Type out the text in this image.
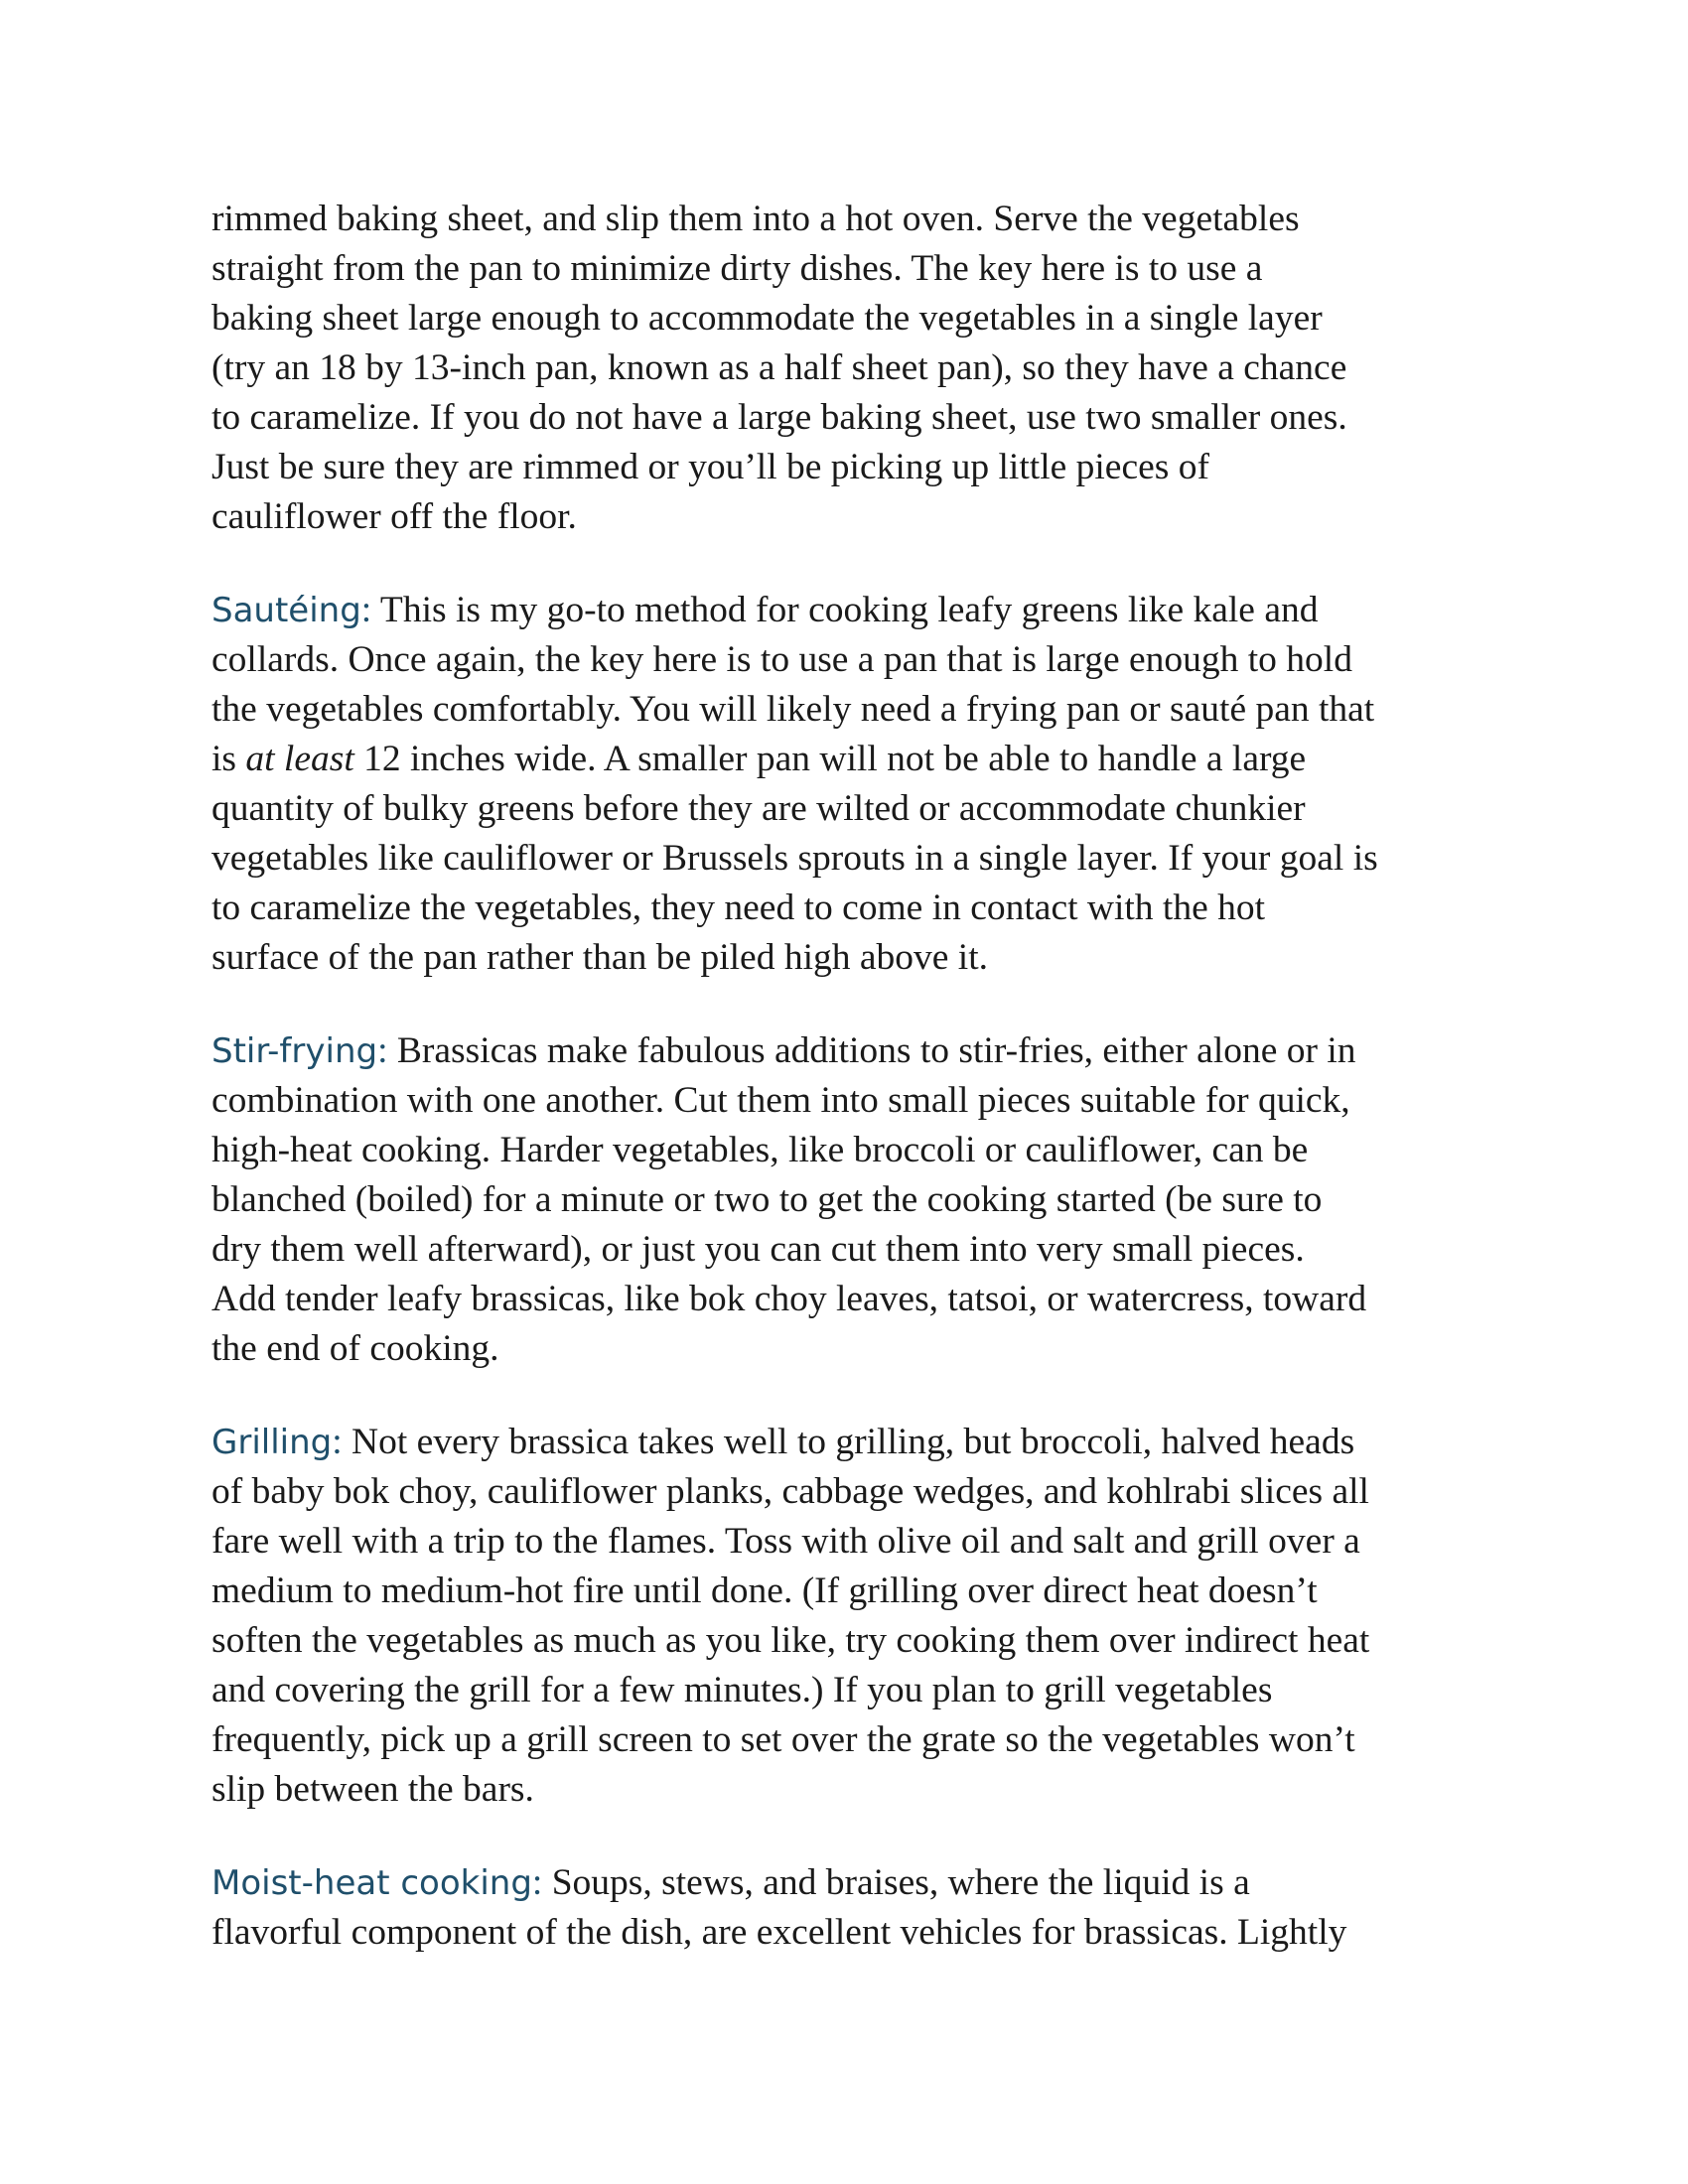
rimmed baking sheet, and slip them into a hot oven. Serve the vegetables
straight from the pan to minimize dirty dishes. The key here is to use a
baking sheet large enough to accommodate the vegetables in a single layer
(try an 18 by 13-inch pan, known as a half sheet pan), so they have a chance
to caramelize. If you do not have a large baking sheet, use two smaller ones.
Just be sure they are rimmed or you’ll be picking up little pieces of
cauliflower off the floor.
Sautéing: This is my go-to method for cooking leafy greens like kale and
collards. Once again, the key here is to use a pan that is large enough to hold
the vegetables comfortably. You will likely need a frying pan or sauté pan that
is at least 12 inches wide. A smaller pan will not be able to handle a large
quantity of bulky greens before they are wilted or accommodate chunkier
vegetables like cauliflower or Brussels sprouts in a single layer. If your goal is
to caramelize the vegetables, they need to come in contact with the hot
surface of the pan rather than be piled high above it.
Stir-frying: Brassicas make fabulous additions to stir-fries, either alone or in
combination with one another. Cut them into small pieces suitable for quick,
high-heat cooking. Harder vegetables, like broccoli or cauliflower, can be
blanched (boiled) for a minute or two to get the cooking started (be sure to
dry them well afterward), or just you can cut them into very small pieces.
Add tender leafy brassicas, like bok choy leaves, tatsoi, or watercress, toward
the end of cooking.
Grilling: Not every brassica takes well to grilling, but broccoli, halved heads
of baby bok choy, cauliflower planks, cabbage wedges, and kohlrabi slices all
fare well with a trip to the flames. Toss with olive oil and salt and grill over a
medium to medium-hot fire until done. (If grilling over direct heat doesn’t
soften the vegetables as much as you like, try cooking them over indirect heat
and covering the grill for a few minutes.) If you plan to grill vegetables
frequently, pick up a grill screen to set over the grate so the vegetables won’t
slip between the bars.
Moist-heat cooking: Soups, stews, and braises, where the liquid is a
flavorful component of the dish, are excellent vehicles for brassicas. Lightly
